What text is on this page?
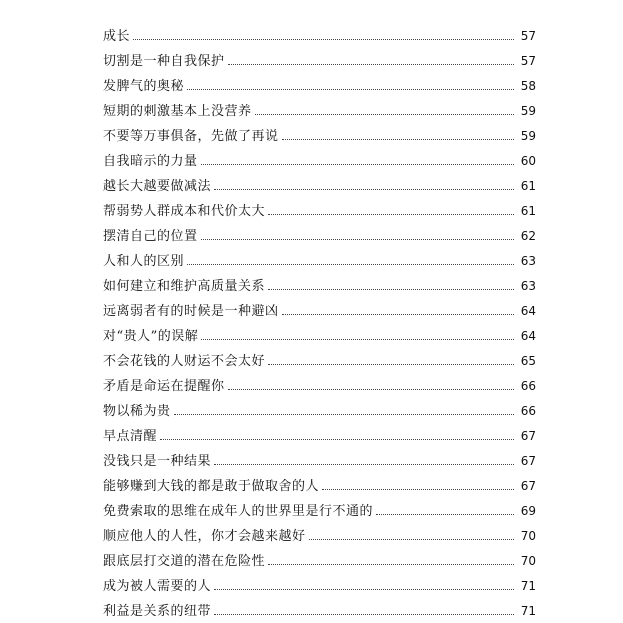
成长	57
切割是一种自我保护	57
发脾气的奥秘	58
短期的刺激基本上没营养	59
不要等万事俱备，先做了再说	59
自我暗示的力量	60
越长大越要做减法	61
帮弱势人群成本和代价太大	61
摆清自己的位置	62
人和人的区别	63
如何建立和维护高质量关系	63
远离弱者有的时候是一种避凶	64
对“贵人”的误解	64
不会花钱的人财运不会太好	65
矛盾是命运在提醒你	66
物以稀为贵	66
早点清醒	67
没钱只是一种结果	67
能够赚到大钱的都是敢于做取舍的人	67
免费索取的思维在成年人的世界里是行不通的	69
顺应他人的人性，你才会越来越好	70
跟底层打交道的潜在危险性	70
成为被人需要的人	71
利益是关系的纽带	71
